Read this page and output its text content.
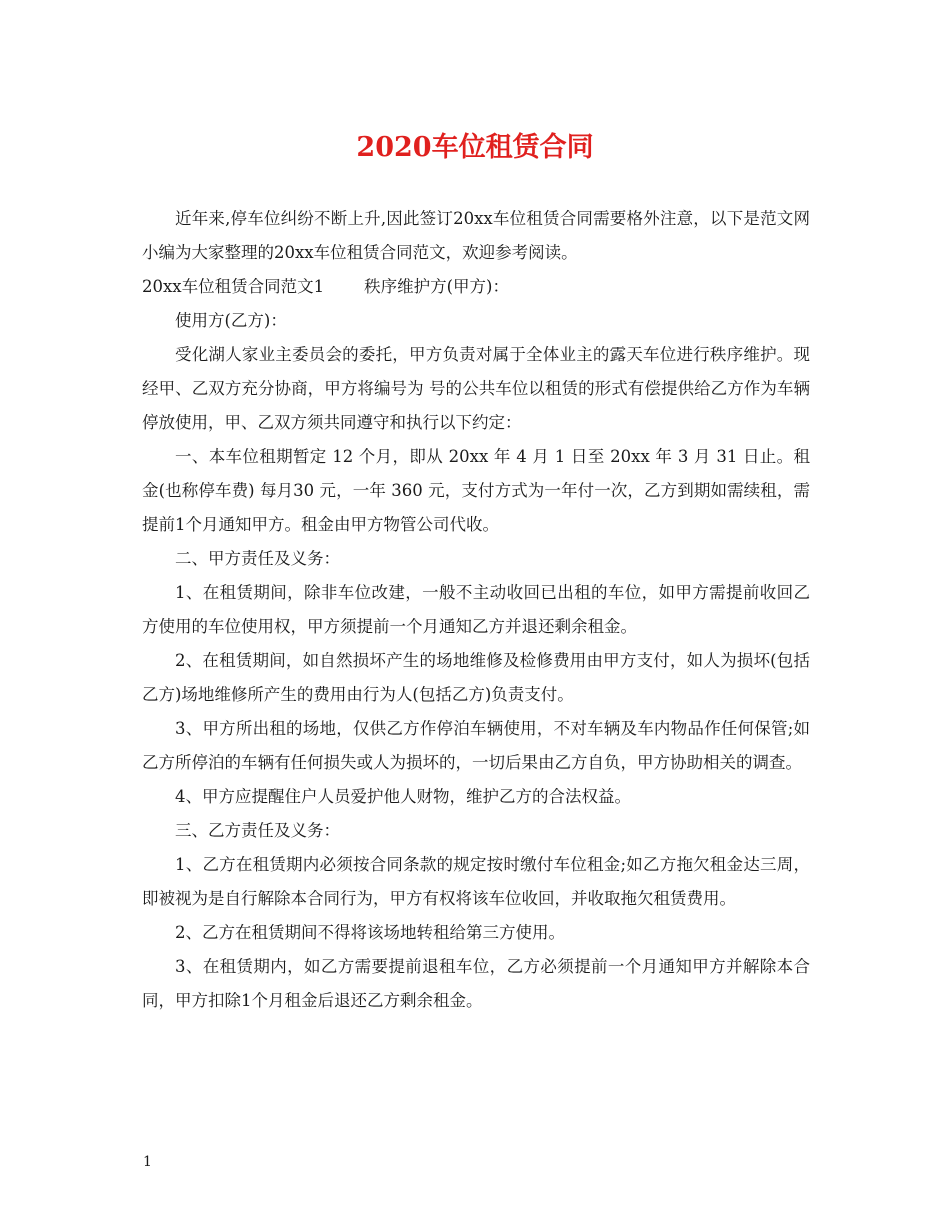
2020车位租赁合同

近年来,停车位纠纷不断上升,因此签订20xx车位租赁合同需要格外注意，以下是范文网小编为大家整理的20xx车位租赁合同范文，欢迎参考阅读。

20xx车位租赁合同范文1 秩序维护方(甲方)：

使用方(乙方)：

受化湖人家业主委员会的委托，甲方负责对属于全体业主的露天车位进行秩序维护。现经甲、乙双方充分协商，甲方将编号为 号的公共车位以租赁的形式有偿提供给乙方作为车辆停放使用，甲、乙双方须共同遵守和执行以下约定：

一、本车位租期暂定 12 个月，即从 20xx 年 4 月 1 日至 20xx 年 3 月 31 日止。租金(也称停车费) 每月30 元，一年 360 元，支付方式为一年付一次，乙方到期如需续租，需提前1个月通知甲方。租金由甲方物管公司代收。

二、甲方责任及义务：

1、在租赁期间，除非车位改建，一般不主动收回已出租的车位，如甲方需提前收回乙方使用的车位使用权，甲方须提前一个月通知乙方并退还剩余租金。

2、在租赁期间，如自然损坏产生的场地维修及检修费用由甲方支付，如人为损坏(包括乙方)场地维修所产生的费用由行为人(包括乙方)负责支付。

3、甲方所出租的场地，仅供乙方作停泊车辆使用，不对车辆及车内物品作任何保管;如乙方所停泊的车辆有任何损失或人为损坏的，一切后果由乙方自负，甲方协助相关的调查。

4、甲方应提醒住户人员爱护他人财物，维护乙方的合法权益。

三、乙方责任及义务：

1、乙方在租赁期内必须按合同条款的规定按时缴付车位租金;如乙方拖欠租金达三周，即被视为是自行解除本合同行为，甲方有权将该车位收回，并收取拖欠租赁费用。

2、乙方在租赁期间不得将该场地转租给第三方使用。

3、在租赁期内，如乙方需要提前退租车位，乙方必须提前一个月通知甲方并解除本合同，甲方扣除1个月租金后退还乙方剩余租金。

1
